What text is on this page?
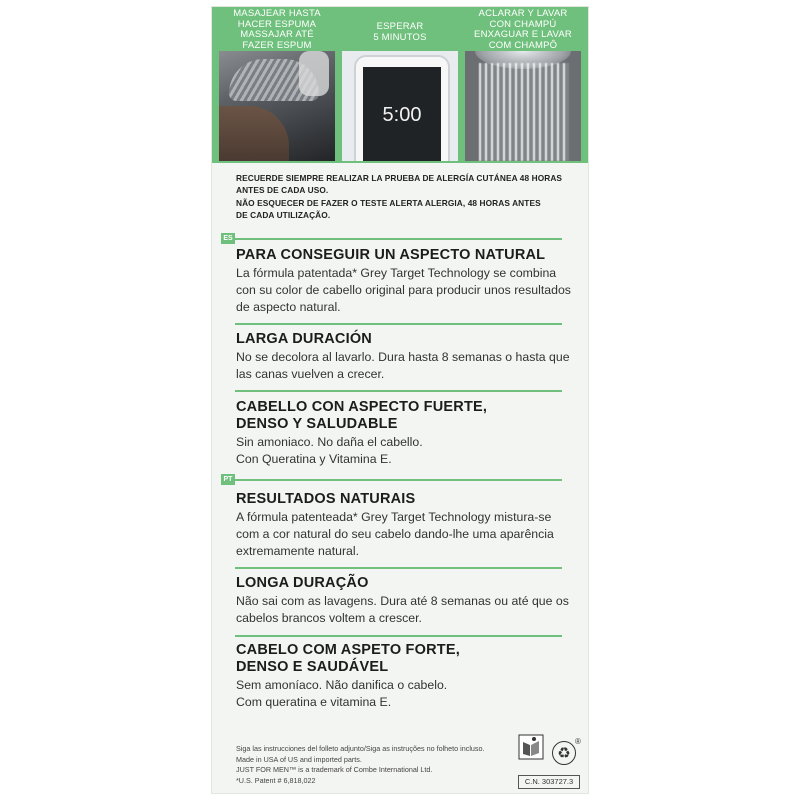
MASAJEAR HASTA
HACER ESPUMA
MASSAJAR ATÉ
FAZER ESPUM
ESPERAR
5 MINUTOS
ACLARAR Y LAVAR
CON CHAMPÚ
ENXAGUAR E LAVAR
COM CHAMPÔ
5:00
RECUERDE SIEMPRE REALIZAR LA PRUEBA DE ALERGÍA CUTÁNEA 48 HORAS
ANTES DE CADA USO.
NÃO ESQUECER DE FAZER O TESTE ALERTA ALERGIA, 48 HORAS ANTES
DE CADA UTILIZAÇÃO.
ES
PARA CONSEGUIR UN ASPECTO NATURAL

La fórmula patentada* Grey Target Technology se combina
con su color de cabello original para producir unos resultados
de aspecto natural.

LARGA DURACIÓN

No se decolora al lavarlo. Dura hasta 8 semanas o hasta que
las canas vuelven a crecer.

CABELLO CON ASPECTO FUERTE,
DENSO Y SALUDABLE

Sin amoniaco. No daña el cabello.
Con Queratina y Vitamina E.

PT
RESULTADOS NATURAIS

A fórmula patenteada* Grey Target Technology mistura-se
com a cor natural do seu cabelo dando-lhe uma aparência
extremamente natural.

LONGA DURAÇÃO

Não sai com as lavagens. Dura até 8 semanas ou até que os
cabelos brancos voltem a crescer.

CABELO COM ASPETO FORTE,
DENSO E SAUDÁVEL

Sem amoníaco. Não danifica o cabelo.
Com queratina e vitamina E.

Siga las instrucciones del folleto adjunto/Siga as instruções no folheto incluso.
Made in USA of US and imported parts.
JUST FOR MEN™ is a trademark of Combe International Ltd.
*U.S. Patent # 6,818,022
♻
®
C.N. 303727.3
